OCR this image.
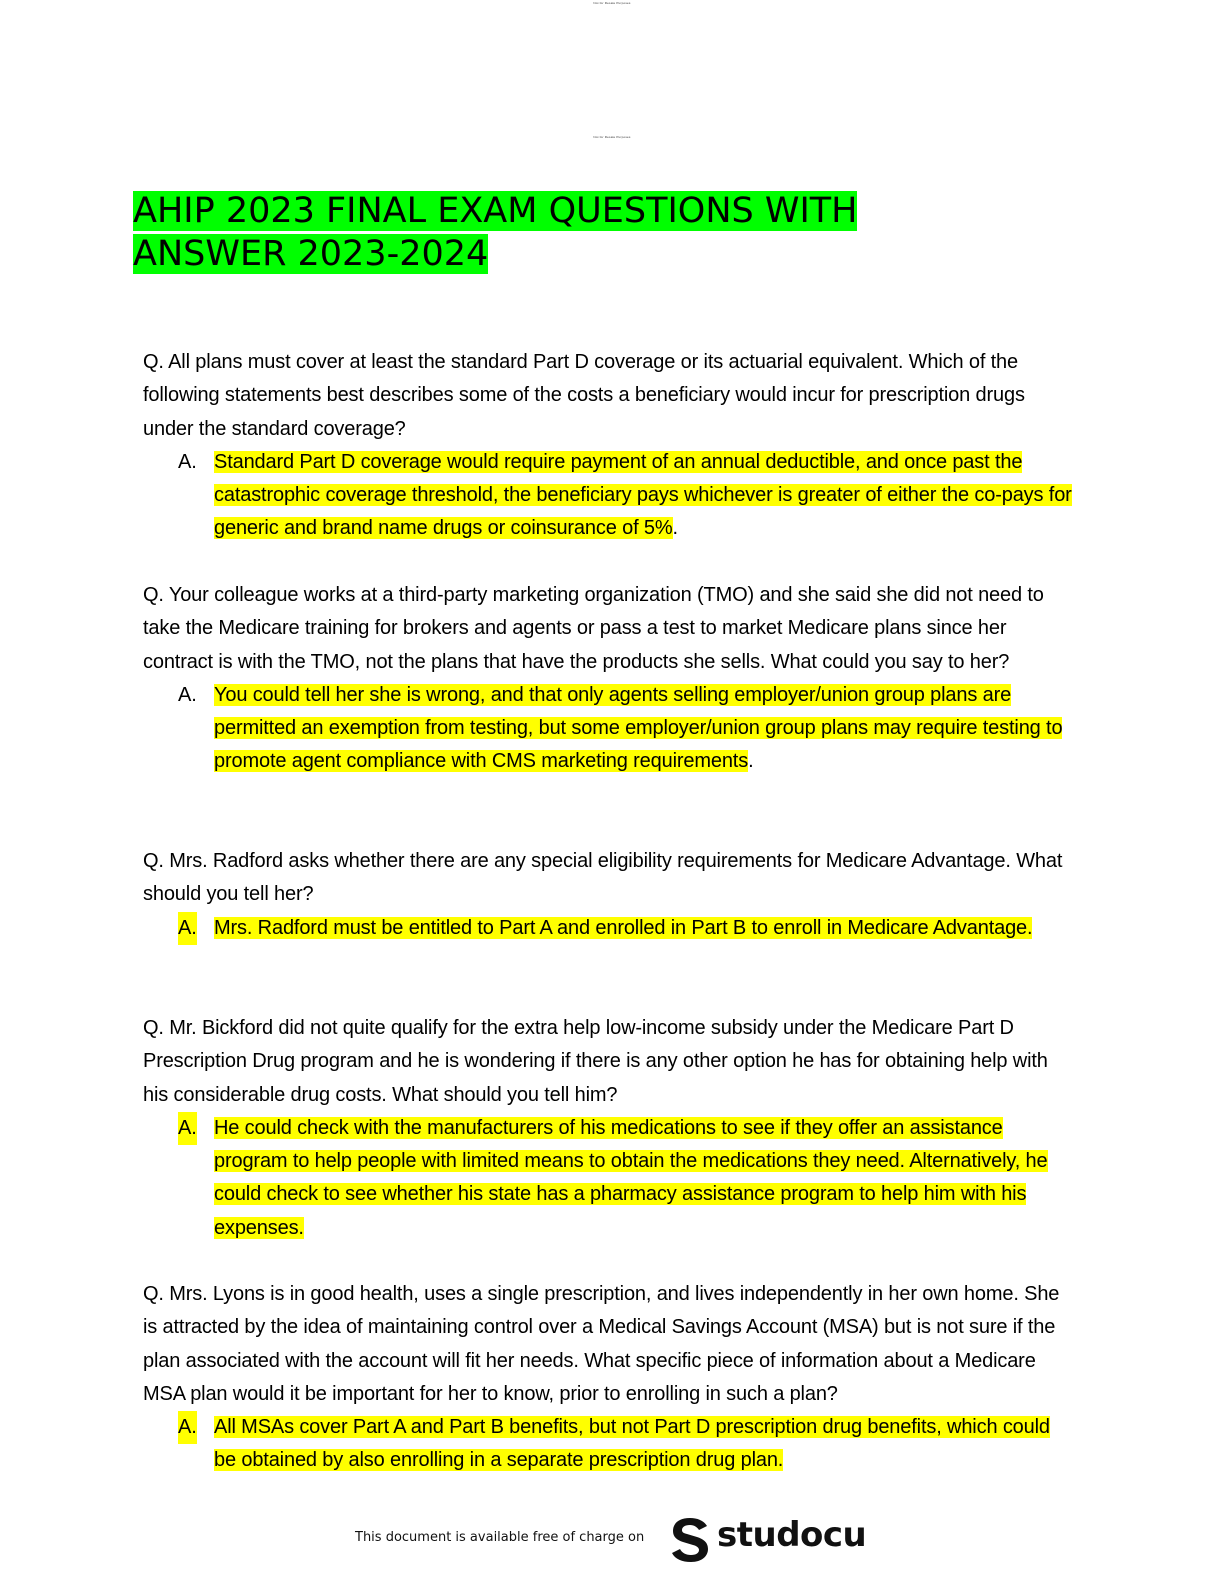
Not for Resale Purposes
Not for Resale Purposes
AHIP 2023 FINAL EXAM QUESTIONS WITH
ANSWER 2023-2024

Q. All plans must cover at least the standard Part D coverage or its actuarial equivalent. Which of the following statements best describes some of the costs a beneficiary would incur for prescription drugs under the standard coverage?

A. Standard Part D coverage would require payment of an annual deductible, and once past the catastrophic coverage threshold, the beneficiary pays whichever is greater of either the co-pays for generic and brand name drugs or coinsurance of 5%.

Q. Your colleague works at a third-party marketing organization (TMO) and she said she did not need to take the Medicare training for brokers and agents or pass a test to market Medicare plans since her contract is with the TMO, not the plans that have the products she sells. What could you say to her?

A. You could tell her she is wrong, and that only agents selling employer/union group plans are permitted an exemption from testing, but some employer/union group plans may require testing to promote agent compliance with CMS marketing requirements.

Q. Mrs. Radford asks whether there are any special eligibility requirements for Medicare Advantage. What should you tell her?

A. Mrs. Radford must be entitled to Part A and enrolled in Part B to enroll in Medicare Advantage.

Q. Mr. Bickford did not quite qualify for the extra help low-income subsidy under the Medicare Part D Prescription Drug program and he is wondering if there is any other option he has for obtaining help with his considerable drug costs. What should you tell him?

A. He could check with the manufacturers of his medications to see if they offer an assistance program to help people with limited means to obtain the medications they need. Alternatively, he could check to see whether his state has a pharmacy assistance program to help him with his expenses.

Q. Mrs. Lyons is in good health, uses a single prescription, and lives independently in her own home. She is attracted by the idea of maintaining control over a Medical Savings Account (MSA) but is not sure if the plan associated with the account will fit her needs. What specific piece of information about a Medicare MSA plan would it be important for her to know, prior to enrolling in such a plan?

A. All MSAs cover Part A and Part B benefits, but not Part D prescription drug benefits, which could be obtained by also enrolling in a separate prescription drug plan.
This document is available free of charge on studocu
